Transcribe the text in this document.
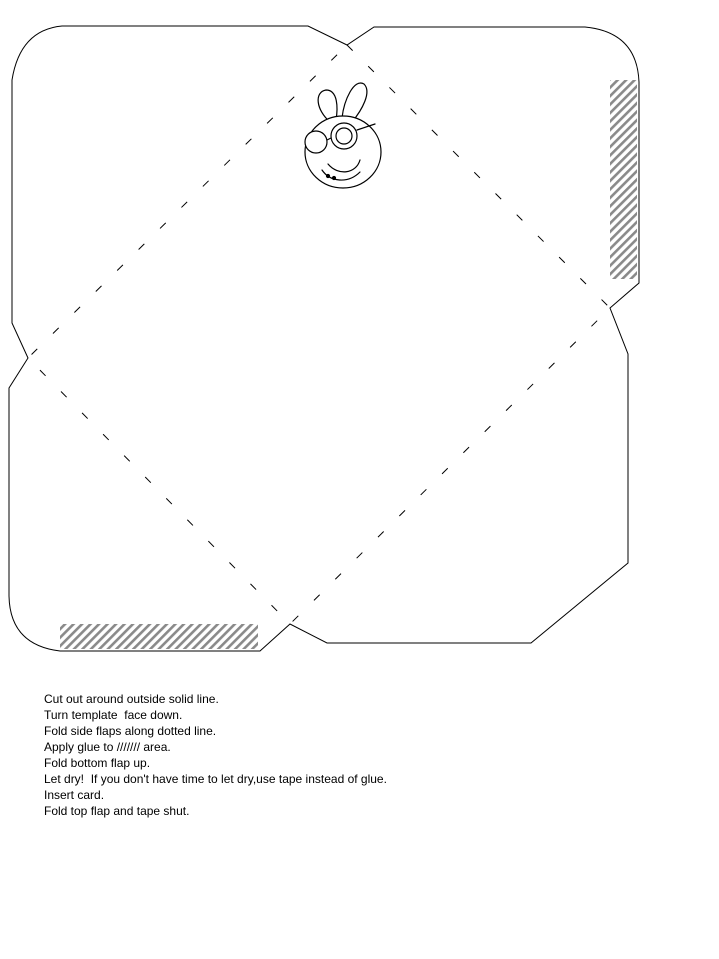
Cut out around outside solid line.
Turn template  face down.
Fold side flaps along dotted line.
Apply glue to /////// area.
Fold bottom flap up.
Let dry!  If you don't have time to let dry,use tape instead of glue.
Insert card.
Fold top flap and tape shut.
